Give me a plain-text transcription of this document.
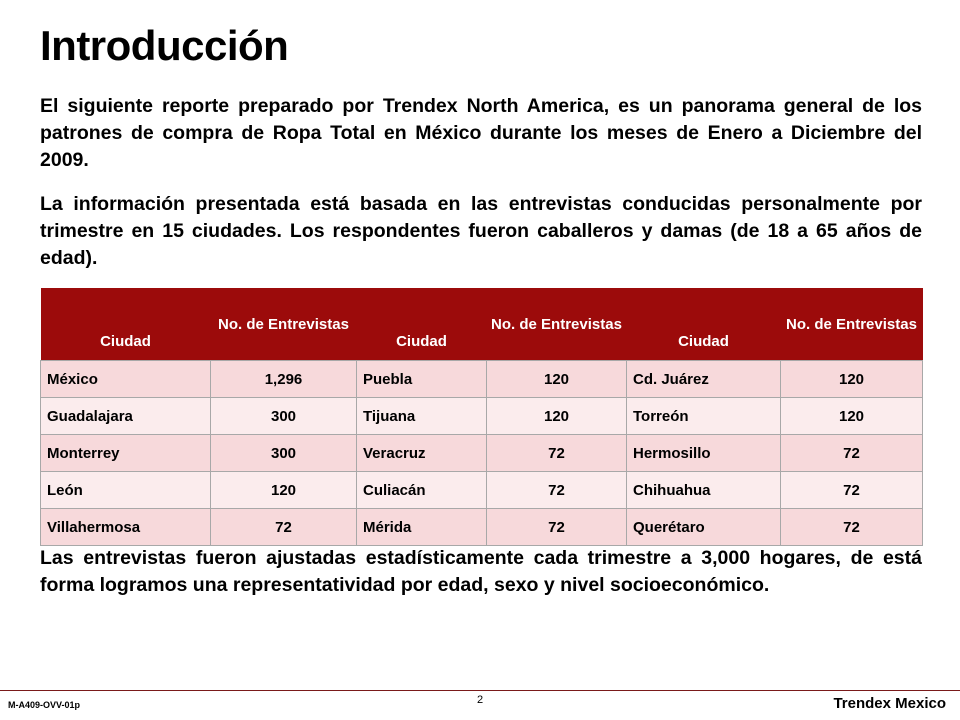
Introducción

El siguiente reporte preparado por Trendex North America, es un panorama general de los patrones de compra de Ropa Total en México durante los meses de Enero a Diciembre del 2009.

La información presentada está basada en las entrevistas conducidas personalmente por trimestre en 15 ciudades. Los respondentes fueron caballeros y damas (de 18 a 65 años de edad).

Ciudad	No. de Entrevistas	Ciudad	No. de Entrevistas	Ciudad	No. de Entrevistas
México	1,296	Puebla	120	Cd. Juárez	120
Guadalajara	300	Tijuana	120	Torreón	120
Monterrey	300	Veracruz	72	Hermosillo	72
León	120	Culiacán	72	Chihuahua	72
Villahermosa	72	Mérida	72	Querétaro	72

Las entrevistas fueron ajustadas estadísticamente cada trimestre a 3,000 hogares, de está forma logramos una representatividad por edad, sexo y nivel socioeconómico.

M-A409-OVV-01p	2	Trendex Mexico
